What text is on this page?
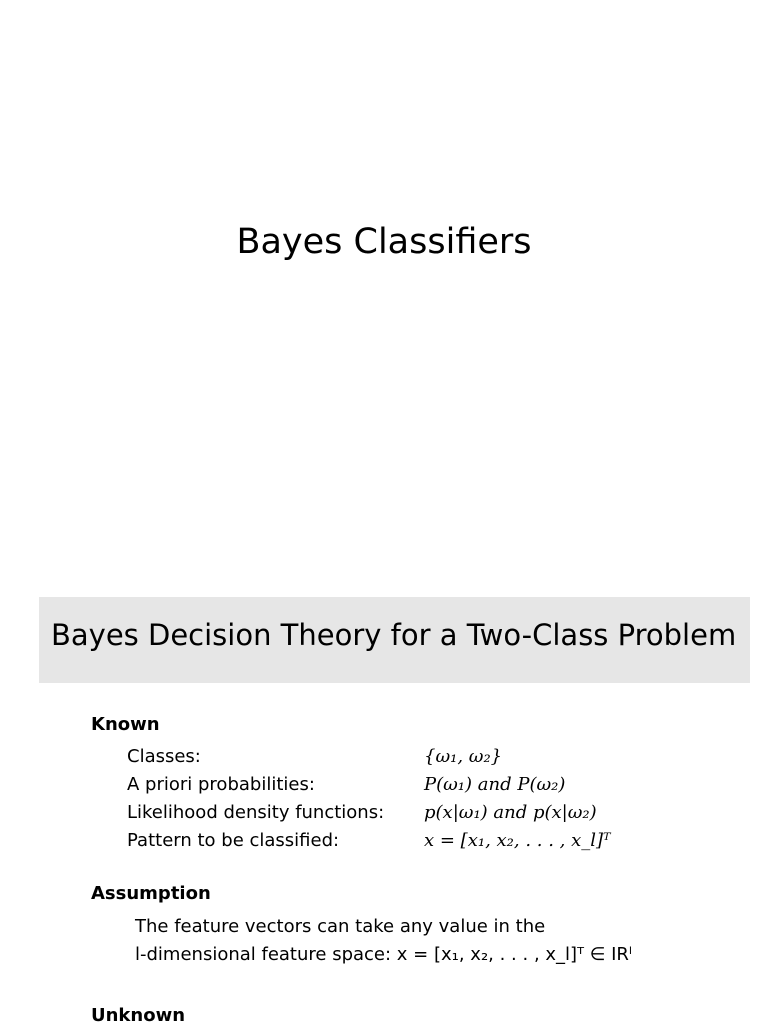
Bayes Classifiers
Bayes Decision Theory for a Two-Class Problem
Known
Classes:	{ω₁, ω₂}
A priori probabilities:	P(ω₁) and P(ω₂)
Likelihood density functions: p(x|ω₁) and p(x|ω₂)
Pattern to be classified:	x = [x₁, x₂, . . . , x_l]ᵀ
Assumption
The feature vectors can take any value in the
l-dimensional feature space: x = [x₁, x₂, . . . , x_l]ᵀ ∈ IRˡ
Unknown
